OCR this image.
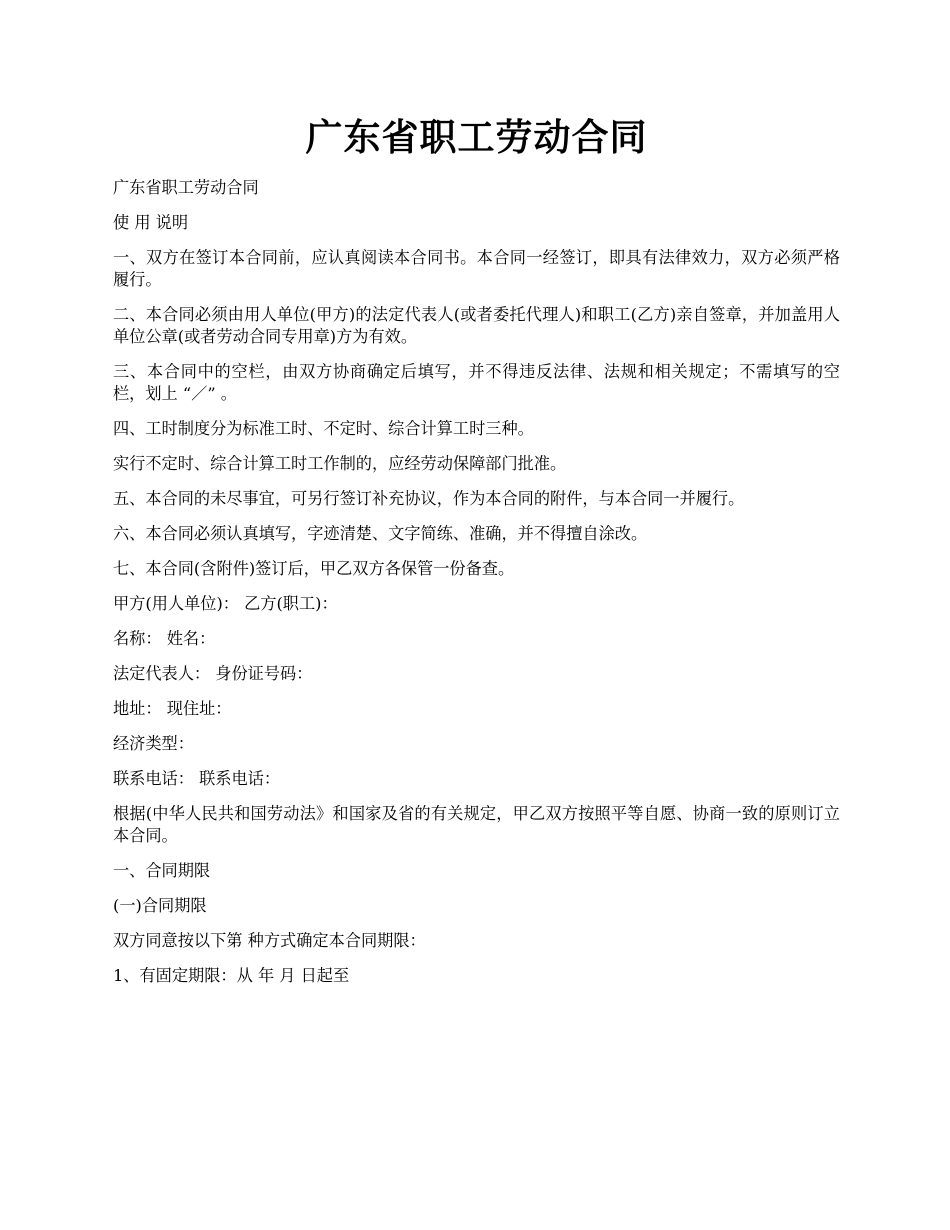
广东省职工劳动合同

广东省职工劳动合同

使 用 说明

一、双方在签订本合同前，应认真阅读本合同书。本合同一经签订，即具有法律效力，双方必须严格履行。

二、本合同必须由用人单位(甲方)的法定代表人(或者委托代理人)和职工(乙方)亲自签章，并加盖用人单位公章(或者劳动合同专用章)方为有效。

三、本合同中的空栏，由双方协商确定后填写，并不得违反法律、法规和相关规定；不需填写的空栏，划上 “／” 。

四、工时制度分为标准工时、不定时、综合计算工时三种。

实行不定时、综合计算工时工作制的，应经劳动保障部门批准。

五、本合同的未尽事宜，可另行签订补充协议，作为本合同的附件，与本合同一并履行。

六、本合同必须认真填写，字迹清楚、文字简练、准确，并不得擅自涂改。

七、本合同(含附件)签订后，甲乙双方各保管一份备查。

甲方(用人单位)： 乙方(职工)：

名称： 姓名：

法定代表人： 身份证号码：

地址： 现住址：

经济类型：

联系电话： 联系电话：

根据(中华人民共和国劳动法》和国家及省的有关规定，甲乙双方按照平等自愿、协商一致的原则订立本合同。

一、合同期限

(一)合同期限

双方同意按以下第 种方式确定本合同期限：

1、有固定期限：从 年 月 日起至
